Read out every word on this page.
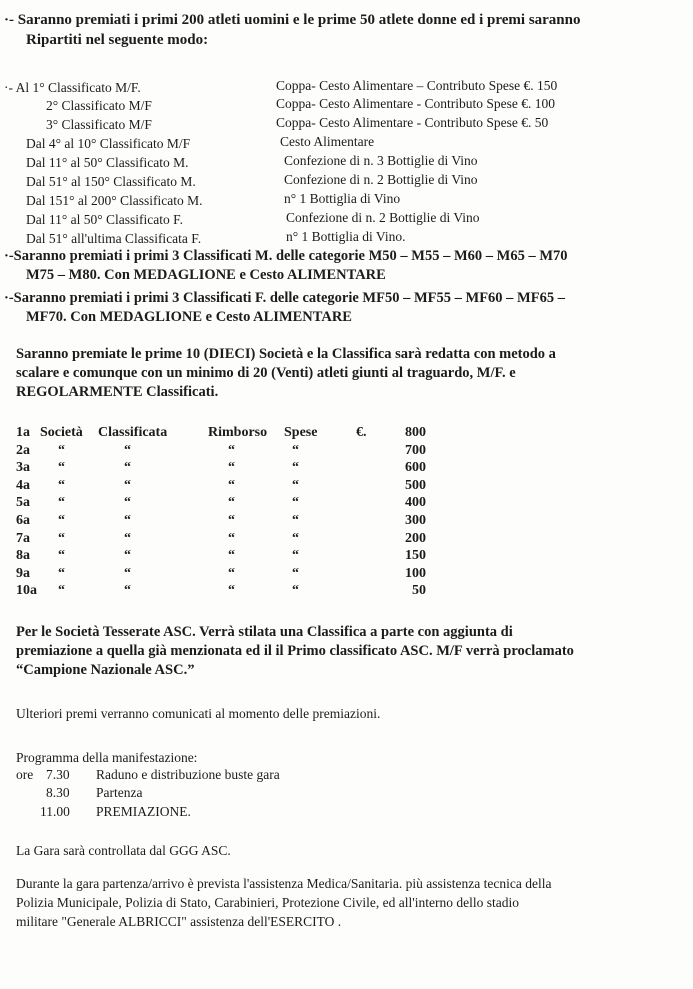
·- Saranno premiati i primi 200 atleti uomini e le prime 50 atlete donne ed i premi saranno
Ripartiti nel seguente modo:
·- Al 1° Classificato M/F.	Coppa- Cesto Alimentare – Contributo Spese €. 150
2° Classificato M/F	Coppa- Cesto Alimentare - Contributo Spese €. 100
3° Classificato M/F	Coppa- Cesto Alimentare - Contributo Spese €. 50
Dal 4° al 10° Classificato M/F	Cesto Alimentare
Dal 11° al 50° Classificato M.	Confezione di n. 3 Bottiglie di Vino
Dal 51° al 150° Classificato M.	Confezione di n. 2 Bottiglie di Vino
Dal 151° al 200° Classificato M.	n° 1 Bottiglia di Vino
Dal 11° al 50° Classificato F.	Confezione di n. 2 Bottiglie di Vino
Dal 51° all'ultima Classificata F.	n° 1 Bottiglia di Vino.
·-Saranno premiati i primi 3 Classificati M. delle categorie M50 – M55 – M60 – M65 – M70
M75 – M80. Con MEDAGLIONE e Cesto ALIMENTARE
·-Saranno premiati i primi 3 Classificati F. delle categorie MF50 – MF55 – MF60 – MF65 –
MF70. Con MEDAGLIONE e Cesto ALIMENTARE
Saranno premiate le prime 10 (DIECI) Società e la Classifica sarà redatta con metodo a
scalare e comunque con un minimo di 20 (Venti) atleti giunti al traguardo, M/F. e
REGOLARMENTE Classificati.
1a Società Classificata	Rimborso Spese	€.	800
2a “	“	“	“	700
3a “	“	“	“	600
4a “	“	“	“	500
5a “	“	“	“	400
6a “	“	“	“	300
7a “	“	“	“	200
8a “	“	“	“	150
9a “	“	“	“	100
10a “	“	“	“	50
Per le Società Tesserate ASC. Verrà stilata una Classifica a parte con aggiunta di
premiazione a quella già menzionata ed il il Primo classificato ASC. M/F verrà proclamato
“Campione Nazionale ASC.”
Ulteriori premi verranno comunicati al momento delle premiazioni.
Programma della manifestazione:
ore 7.30 Raduno e distribuzione buste gara
8.30 Partenza
11.00 PREMIAZIONE.
La Gara sarà controllata dal GGG ASC.
Durante la gara partenza/arrivo è prevista l'assistenza Medica/Sanitaria. più assistenza tecnica della
Polizia Municipale, Polizia di Stato, Carabinieri, Protezione Civile, ed all'interno dello stadio
militare "Generale ALBRICCI" assistenza dell'ESERCITO .
